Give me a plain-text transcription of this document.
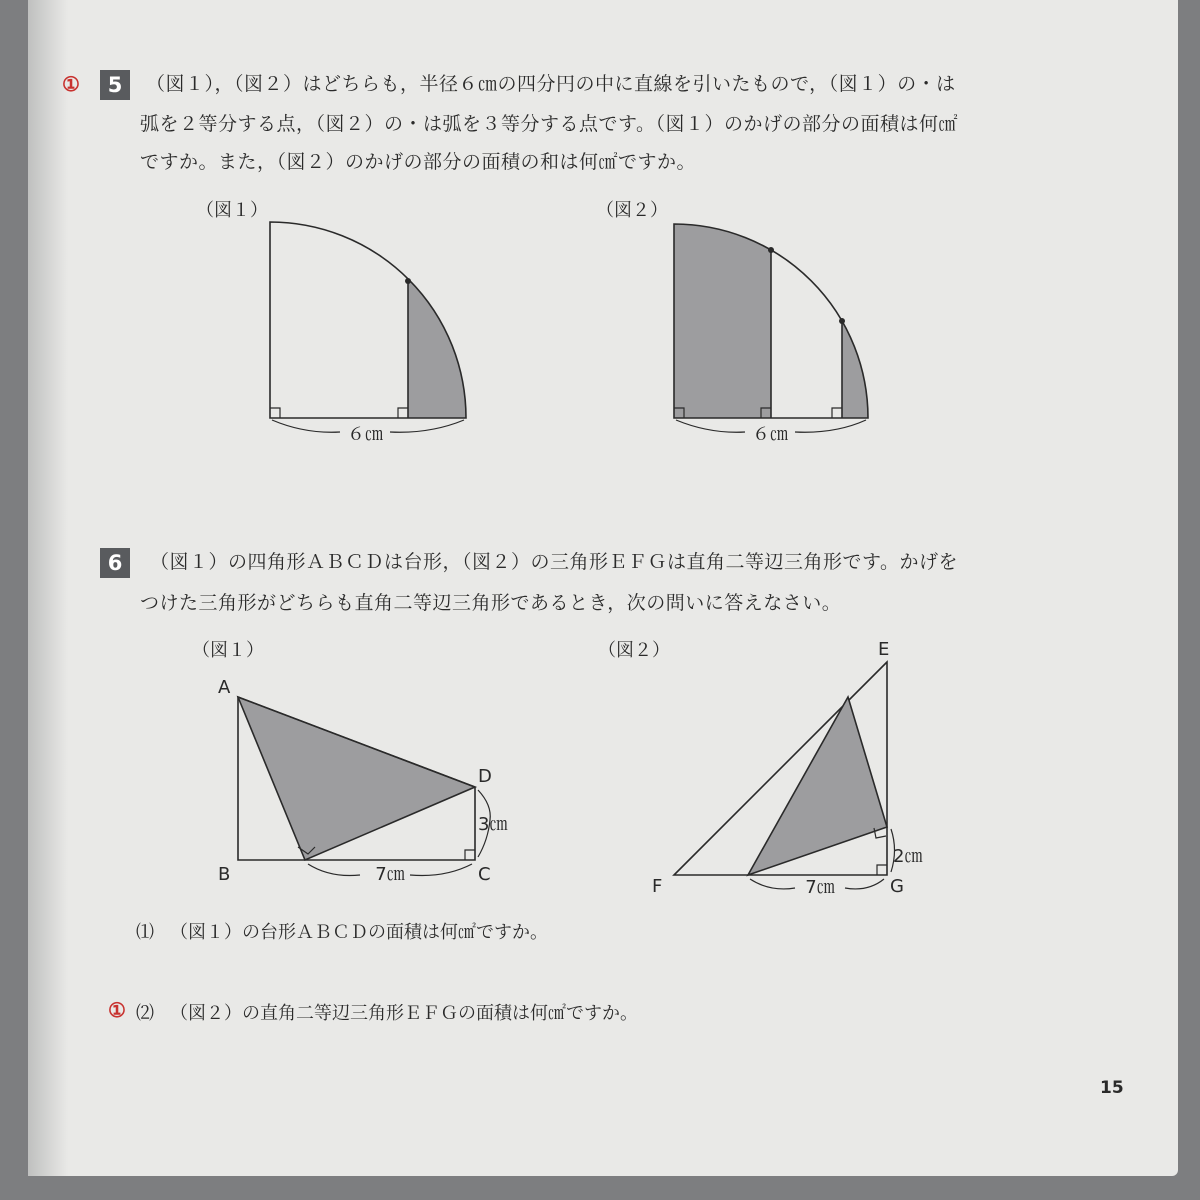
①	5	（図１），（図２）はどちらも，半径６㎝の四分円の中に直線を引いたもので，（図１）の・は
弧を２等分する点，（図２）の・は弧を３等分する点です。（図１）のかげの部分の面積は何㎠
ですか。また，（図２）のかげの部分の面積の和は何㎠ですか。
（図１）	（図２）
６㎝	６㎝
6	（図１）の四角形ＡＢＣＤは台形，（図２）の三角形ＥＦＧは直角二等辺三角形です。かげを
つけた三角形がどちらも直角二等辺三角形であるとき，次の問いに答えなさい。
（図１）	（図２）
A
B	C
D
3㎝
7㎝
E
F	G
2㎝
7㎝
⑴ （図１）の台形ＡＢＣＤの面積は何㎠ですか。
① ⑵ （図２）の直角二等辺三角形ＥＦＧの面積は何㎠ですか。
15
